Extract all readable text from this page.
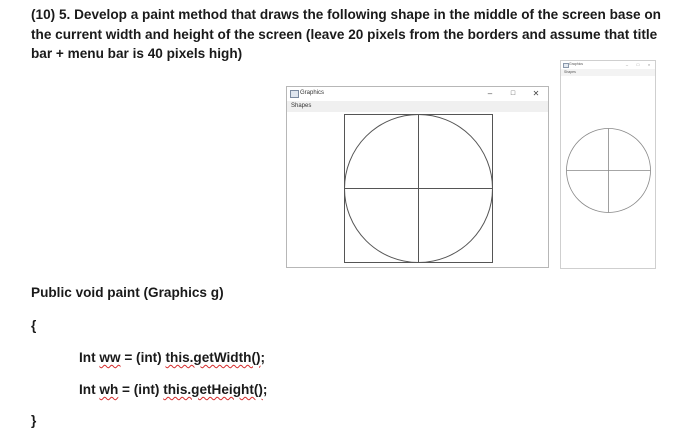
(10) 5. Develop a paint method that draws the following shape in the middle of the screen base on the current width and height of the screen (leave 20 pixels from the borders and assume that title bar + menu bar is 40 pixels high)
Graphics	–	□	✕
Shapes
Graphics	–	□	×
Shapes
Public void paint (Graphics g)
{
Int ww = (int) this.getWidth();
Int wh = (int) this.getHeight();
}
